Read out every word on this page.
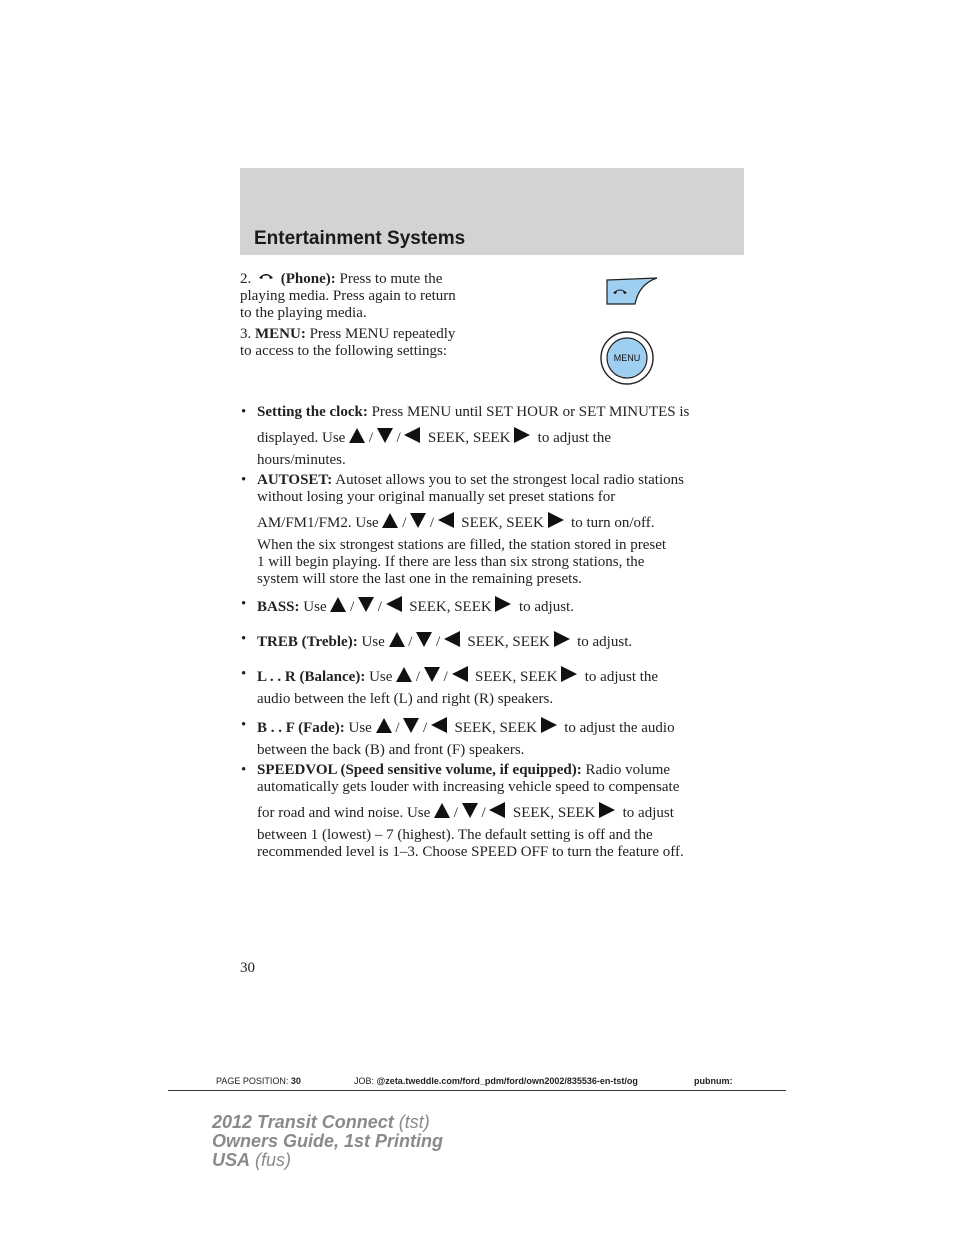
Entertainment Systems
2. (Phone): Press to mute the
playing media. Press again to return
to the playing media.
3. MENU: Press MENU repeatedly
to access to the following settings:	MENU
• Setting the clock: Press MENU until SET HOUR or SET MINUTES is
displayed. Use  /  /   SEEK, SEEK to adjust the
hours/minutes.
• AUTOSET: Autoset allows you to set the strongest local radio stations
without losing your original manually set preset stations for
AM/FM1/FM2. Use  /  /   SEEK, SEEK to turn on/off.
When the six strongest stations are filled, the station stored in preset
1 will begin playing. If there are less than six strong stations, the
system will store the last one in the remaining presets.
• BASS: Use  /  /   SEEK, SEEK to adjust.
• TREB (Treble): Use  /  /   SEEK, SEEK to adjust.
• L . . R (Balance): Use  /  /   SEEK, SEEK to adjust the
audio between the left (L) and right (R) speakers.
• B . . F (Fade): Use  /  /   SEEK, SEEK to adjust the audio
between the back (B) and front (F) speakers.
• SPEEDVOL (Speed sensitive volume, if equipped): Radio volume
automatically gets louder with increasing vehicle speed to compensate
for road and wind noise. Use  /  /   SEEK, SEEK to adjust
between 1 (lowest) – 7 (highest). The default setting is off and the
recommended level is 1–3. Choose SPEED OFF to turn the feature off.
30
PAGE POSITION: 30	JOB: @zeta.tweddle.com/ford_pdm/ford/own2002/835536-en-tst/og	pubnum:
2012 Transit Connect (tst)
Owners Guide, 1st Printing
USA (fus)
